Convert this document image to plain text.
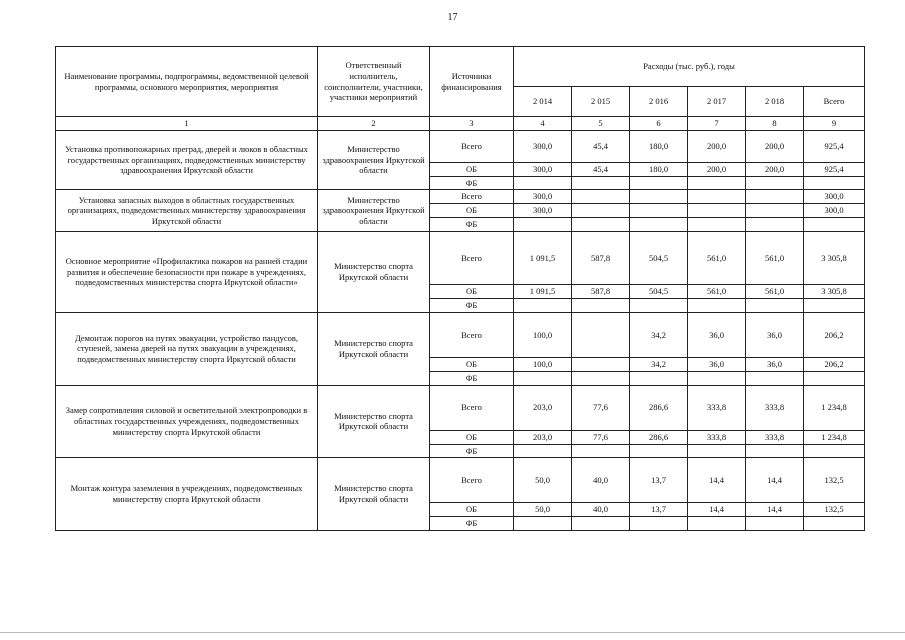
17
Наименование программы, подпрограммы, ведомственной целевой программы, основного мероприятия, мероприятия	Ответственный исполнитель, соисполнители, участники, участники мероприятий	Источники финансирования	Расходы (тыс. руб.), годы					
			2 014	2 015	2 016	2 017	2 018	Всего
1	2	3	4	5	6	7	8	9
Установка противопожарных преград, дверей и люков в областных государственных организациях, подведомственных министерству здравоохранения Иркутской области	Министерство здравоохранения Иркутской области	Всего	300,0	45,4	180,0	200,0	200,0	925,4
		ОБ	300,0	45,4	180,0	200,0	200,0	925,4
		ФБ						
Установка запасных выходов в областных государственных организациях, подведомственных министерству здравоохранения Иркутской области	Министерство здравоохранения Иркутской области	Всего	300,0					300,0
		ОБ	300,0					300,0
		ФБ						
Основное мероприятие «Профилактика пожаров на ранней стадии развития и обеспечение безопасности при пожаре в учреждениях, подведомственных министерства спорта Иркутской области»	Министерство спорта Иркутской области	Всего	1 091,5	587,8	504,5	561,0	561,0	3 305,8
		ОБ	1 091,5	587,8	504,5	561,0	561,0	3 305,8
		ФБ						
Демонтаж порогов на путях эвакуации, устройство пандусов, ступеней, замена дверей на путях эвакуации в учреждениях, подведомственных министерству спорта Иркутской области	Министерство спорта Иркутской области	Всего	100,0		34,2	36,0	36,0	206,2
		ОБ	100,0		34,2	36,0	36,0	206,2
		ФБ						
Замер сопротивления силовой и осветительной электропроводки в областных государственных учреждениях, подведомственных министерству спорта Иркутской области	Министерство спорта Иркутской области	Всего	203,0	77,6	286,6	333,8	333,8	1 234,8
		ОБ	203,0	77,6	286,6	333,8	333,8	1 234,8
		ФБ						
Монтаж контура заземления в учреждениях, подведомственных министерству спорта Иркутской области	Министерство спорта Иркутской области	Всего	50,0	40,0	13,7	14,4	14,4	132,5
		ОБ	50,0	40,0	13,7	14,4	14,4	132,5
		ФБ						
